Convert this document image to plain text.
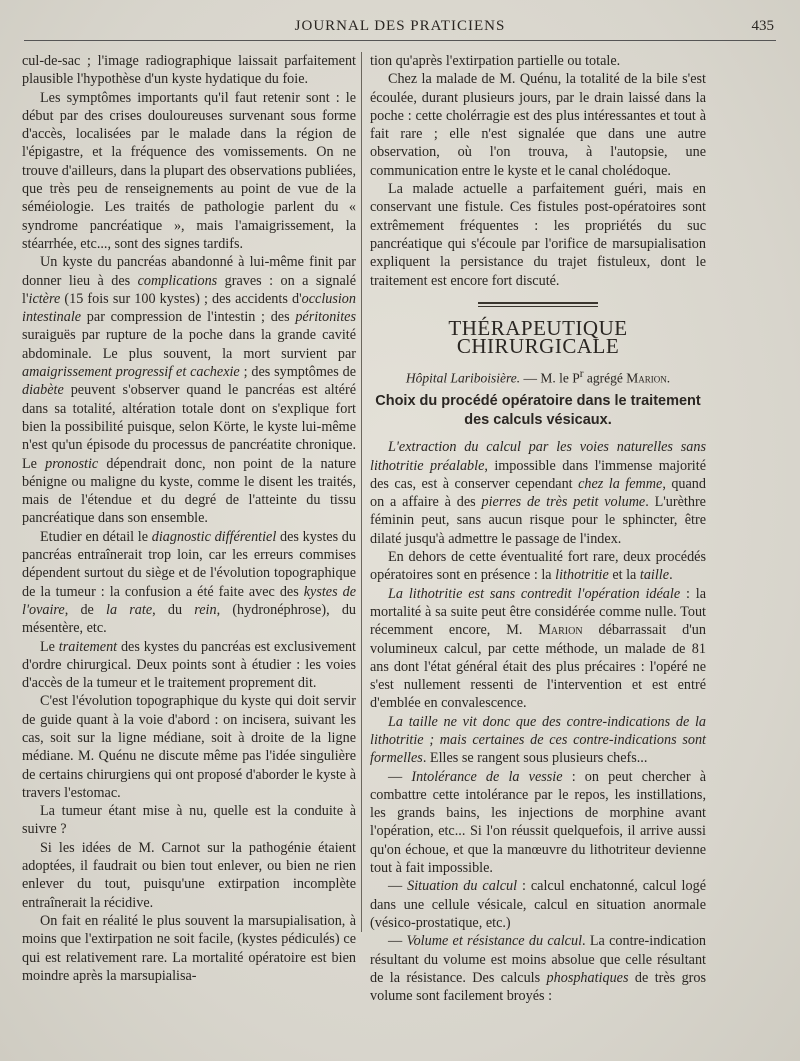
JOURNAL DES PRATICIENS	435

cul-de-sac ; l'image radiographique laissait parfaitement plausible l'hypothèse d'un kyste hydatique du foie.

Les symptômes importants qu'il faut retenir sont : le début par des crises douloureuses survenant sous forme d'accès, localisées par le malade dans la région de l'épigastre, et la fréquence des vomissements. On ne trouve d'ailleurs, dans la plupart des observations publiées, que très peu de renseignements au point de vue de la séméiologie. Les traités de pathologie parlent du « syndrome pancréatique », mais l'amaigrissement, la stéarrhée, etc..., sont des signes tardifs.

Un kyste du pancréas abandonné à lui-même finit par donner lieu à des complications graves : on a signalé l'ictère (15 fois sur 100 kystes) ; des accidents d'occlusion intestinale par compression de l'intestin ; des péritonites suraiguës par rupture de la poche dans la grande cavité abdominale. Le plus souvent, la mort survient par amaigrissement progressif et cachexie ; des symptômes de diabète peuvent s'observer quand le pancréas est altéré dans sa totalité, altération totale dont on s'explique fort bien la possibilité puisque, selon Körte, le kyste lui-même n'est qu'un épisode du processus de pancréatite chronique. Le pronostic dépendrait donc, non point de la nature bénigne ou maligne du kyste, comme le disent les traités, mais de l'étendue et du degré de l'atteinte du tissu pancréatique dans son ensemble.

Etudier en détail le diagnostic différentiel des kystes du pancréas entraînerait trop loin, car les erreurs commises dépendent surtout du siège et de l'évolution topographique de la tumeur : la confusion a été faite avec des kystes de l'ovaire, de la rate, du rein, (hydronéphrose), du mésentère, etc.

Le traitement des kystes du pancréas est exclusivement d'ordre chirurgical. Deux points sont à étudier : les voies d'accès de la tumeur et le traitement proprement dit.

C'est l'évolution topographique du kyste qui doit servir de guide quant à la voie d'abord : on incisera, suivant les cas, soit sur la ligne médiane, soit à droite de la ligne médiane. M. Quénu ne discute même pas l'idée singulière de certains chirurgiens qui ont proposé d'aborder le kyste à travers l'estomac.

La tumeur étant mise à nu, quelle est la conduite à suivre ?

Si les idées de M. Carnot sur la pathogénie étaient adoptées, il faudrait ou bien tout enlever, ou bien ne rien enlever du tout, puisqu'une extirpation incomplète entraînerait la récidive.

On fait en réalité le plus souvent la marsupialisation, à moins que l'extirpation ne soit facile, (kystes pédiculés) ce qui est relativement rare. La mortalité opératoire est bien moindre après la marsupialisa-

tion qu'après l'extirpation partielle ou totale.

Chez la malade de M. Quénu, la totalité de la bile s'est écoulée, durant plusieurs jours, par le drain laissé dans la poche : cette cholérragie est des plus intéressantes et tout à fait rare ; elle n'est signalée que dans une autre observation, où l'on trouva, à l'autopsie, une communication entre le kyste et le canal cholédoque.

La malade actuelle a parfaitement guéri, mais en conservant une fistule. Ces fistules post-opératoires sont extrêmement fréquentes : les propriétés du suc pancréatique qui s'écoule par l'orifice de marsupialisation expliquent la persistance du trajet fistuleux, dont le traitement est encore fort discuté.

THÉRAPEUTIQUE CHIRURGICALE
Hôpital Lariboisière. — M. le $P^r$ agrégé Marion.
Choix du procédé opératoire dans le traitement des calculs vésicaux.

L'extraction du calcul par les voies naturelles sans lithotritie préalable, impossible dans l'immense majorité des cas, est à conserver cependant chez la femme, quand on a affaire à des pierres de très petit volume. L'urèthre féminin peut, sans aucun risque pour le sphincter, être dilaté jusqu'à admettre le passage de l'index.

En dehors de cette éventualité fort rare, deux procédés opératoires sont en présence : la lithotritie et la taille.

La lithotritie est sans contredit l'opération idéale : la mortalité à sa suite peut être considérée comme nulle. Tout récemment encore, M. Marion débarrassait d'un volumineux calcul, par cette méthode, un malade de 81 ans dont l'état général était des plus précaires : l'opéré ne s'est nullement ressenti de l'intervention et est entré d'emblée en convalescence.

La taille ne vit donc que des contre-indications de la lithotritie ; mais certaines de ces contre-indications sont formelles. Elles se rangent sous plusieurs chefs...

— Intolérance de la vessie : on peut chercher à combattre cette intolérance par le repos, les instillations, les grands bains, les injections de morphine avant l'opération, etc... Si l'on réussit quelquefois, il arrive aussi qu'on échoue, et que la manœuvre du lithotriteur devienne tout à fait impossible.

— Situation du calcul : calcul enchatonné, calcul logé dans une cellule vésicale, calcul en situation anormale (vésico-prostatique, etc.)

— Volume et résistance du calcul. La contre-indication résultant du volume est moins absolue que celle résultant de la résistance. Des calculs phosphatiques de très gros volume sont facilement broyés :
